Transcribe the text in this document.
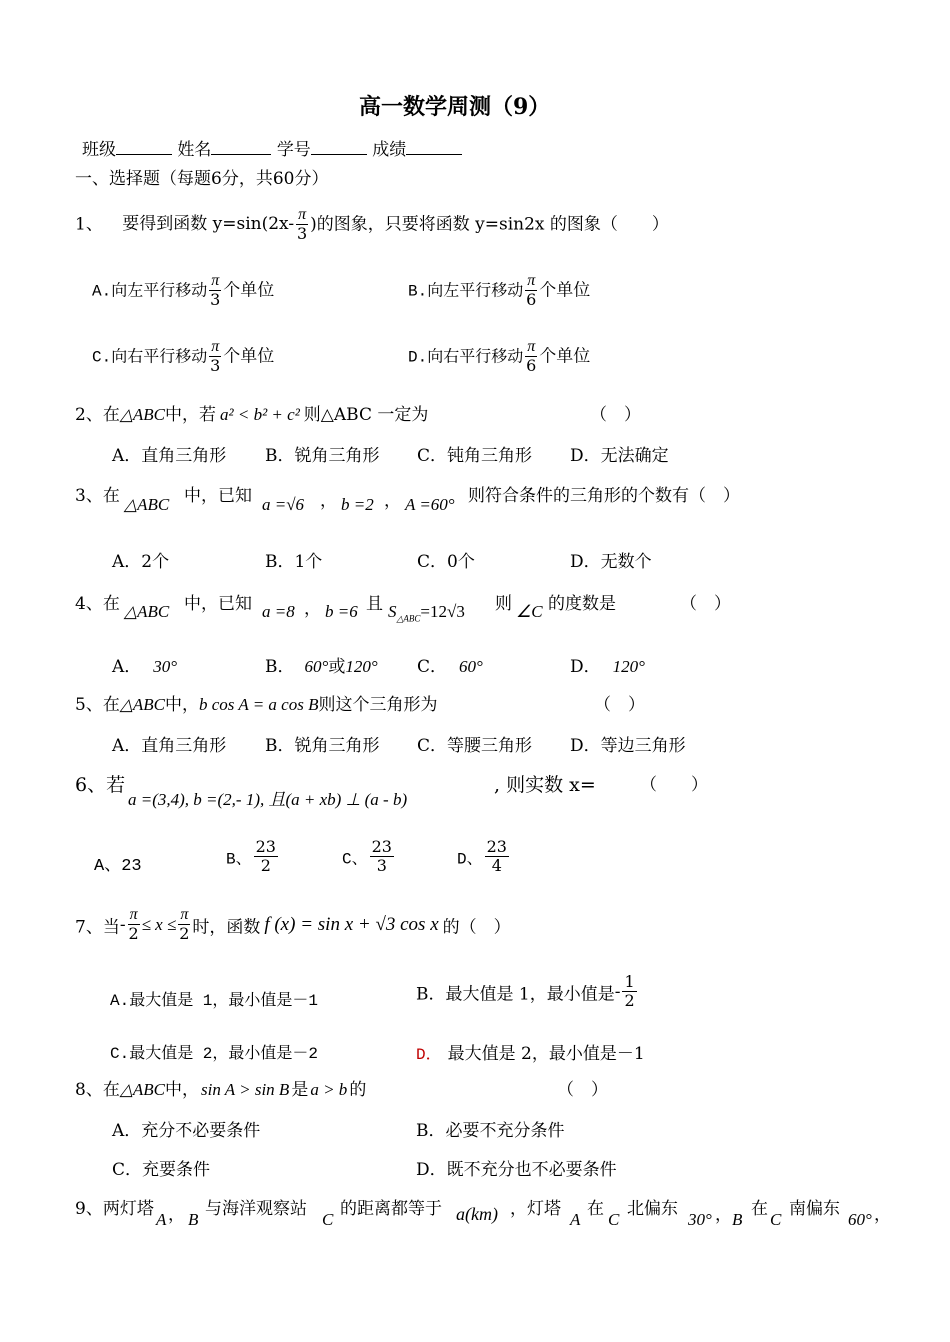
高一数学周测（9）
班级	姓名	学号	成绩
一、选择题（每题6分，共60分）
1、 要得到函数 $y=\sin(2x- \frac{\pi}{3}$ )的图象，只要将函数 y=sin2x 的图象（　　）
A.向左平行移动 $\frac{\pi}{3}$ 个单位	B.向左平行移动 $\frac{\pi}{6}$ 个单位
C.向右平行移动 $\frac{\pi}{3}$ 个单位	D.向右平行移动 $\frac{\pi}{6}$ 个单位
2、在△ABC中，若 a² < b² + c² 则△ABC 一定为	（　）
A．直角三角形 B．锐角三角形 C．钝角三角形 D．无法确定
3、在 △ABC 中，已知 a =√6 ， b =2 ， A =60° 则符合条件的三角形的个数有（　）
A．2个	B．1个	C．0个	D．无数个
4、在 △ABC 中，已知 a =8 ， b =6 且 $S_{\triangle ABC}=12√3$ 则 ∠C 的度数是	（　）
A． 30°	B． 60°或120° C． 60°	D． 120°
5、在△ABC中，b cos A = a cos B则这个三角形为	（　）
A．直角三角形 B．锐角三角形 C．等腰三角形 D．等边三角形
6、若
a =(3,4), b =(2,- 1), 且(a + xb) ⊥ (a - b)
, 则实数 x=	（　　）
A、23	B、 $\frac{23}{2}$	C、 $\frac{23}{3}$	D、 $\frac{23}{4}$
7、当- $\frac{\pi}{2} \le x \le \frac{\pi}{2}$ 时，函数 f (x) = sin x + √3 cos x 的（　）
A.最大值是 1，最小值是－1	B．最大值是 1，最小值是- $\frac{1}{2}$
C.最大值是 2，最小值是－2	D． 最大值是 2，最小值是－1
8、在△ABC中， sin A > sin B 是 a > b 的	（　）
A．充分不必要条件	B．必要不充分条件
C．充要条件	D．既不充分也不必要条件
9、两灯塔
A ， B
与海洋观察站
C
的距离都等于 a(km) ，灯塔
A
在
C
北偏东
30° ， B
在
C
南偏东
60° ，
